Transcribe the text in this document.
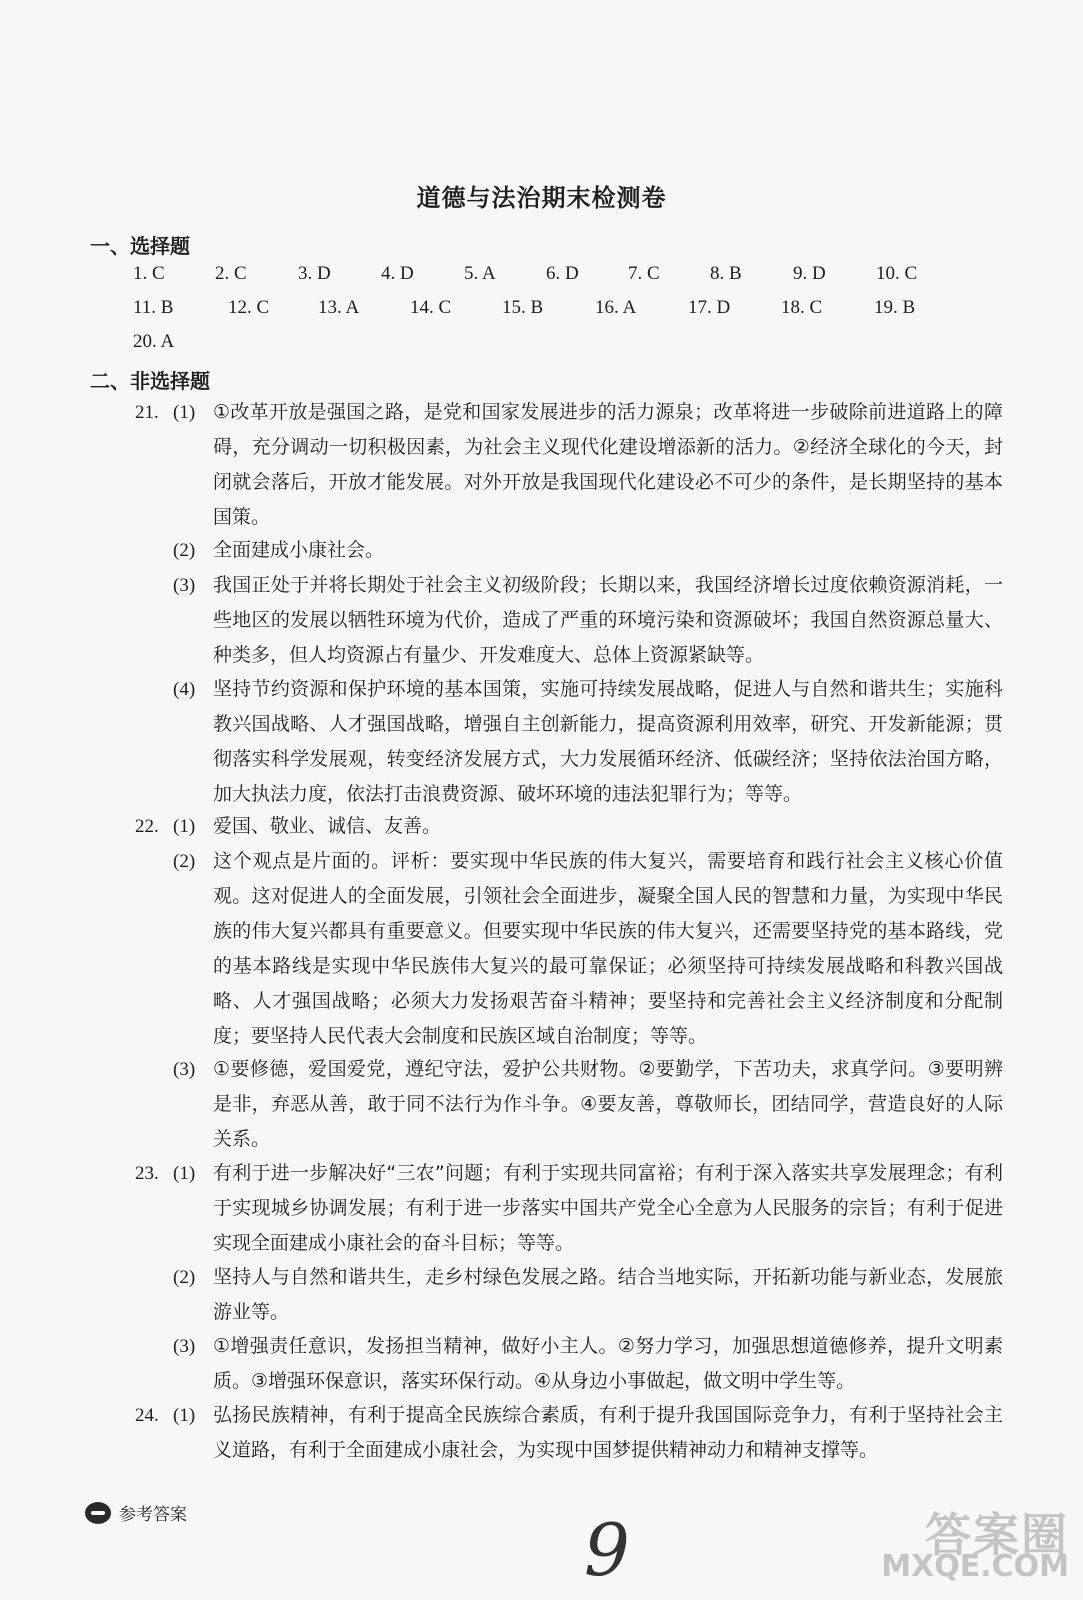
道德与法治期末检测卷
一、选择题
1. C	2. C	3. D	4. D	5. A	6. D	7. C	8. B	9. D	10. C
11. B	12. C	13. A	14. C	15. B	16. A	17. D	18. C	19. B
20. A
二、非选择题
21. (1) ①改革开放是强国之路，是党和国家发展进步的活力源泉；改革将进一步破除前进道路上的障碍，充分调动一切积极因素，为社会主义现代化建设增添新的活力。②经济全球化的今天，封闭就会落后，开放才能发展。对外开放是我国现代化建设必不可少的条件，是长期坚持的基本国策。
(2) 全面建成小康社会。
(3) 我国正处于并将长期处于社会主义初级阶段；长期以来，我国经济增长过度依赖资源消耗，一些地区的发展以牺牲环境为代价，造成了严重的环境污染和资源破坏；我国自然资源总量大、种类多，但人均资源占有量少、开发难度大、总体上资源紧缺等。
(4) 坚持节约资源和保护环境的基本国策，实施可持续发展战略，促进人与自然和谐共生；实施科教兴国战略、人才强国战略，增强自主创新能力，提高资源利用效率，研究、开发新能源；贯彻落实科学发展观，转变经济发展方式，大力发展循环经济、低碳经济；坚持依法治国方略，加大执法力度，依法打击浪费资源、破坏环境的违法犯罪行为；等等。
22. (1) 爱国、敬业、诚信、友善。
(2) 这个观点是片面的。评析：要实现中华民族的伟大复兴，需要培育和践行社会主义核心价值观。这对促进人的全面发展，引领社会全面进步，凝聚全国人民的智慧和力量，为实现中华民族的伟大复兴都具有重要意义。但要实现中华民族的伟大复兴，还需要坚持党的基本路线，党的基本路线是实现中华民族伟大复兴的最可靠保证；必须坚持可持续发展战略和科教兴国战略、人才强国战略；必须大力发扬艰苦奋斗精神；要坚持和完善社会主义经济制度和分配制度；要坚持人民代表大会制度和民族区域自治制度；等等。
(3) ①要修德，爱国爱党，遵纪守法，爱护公共财物。②要勤学，下苦功夫，求真学问。③要明辨是非，弃恶从善，敢于同不法行为作斗争。④要友善，尊敬师长，团结同学，营造良好的人际关系。
23. (1) 有利于进一步解决好“三农”问题；有利于实现共同富裕；有利于深入落实共享发展理念；有利于实现城乡协调发展；有利于进一步落实中国共产党全心全意为人民服务的宗旨；有利于促进实现全面建成小康社会的奋斗目标；等等。
(2) 坚持人与自然和谐共生，走乡村绿色发展之路。结合当地实际，开拓新功能与新业态，发展旅游业等。
(3) ①增强责任意识，发扬担当精神，做好小主人。②努力学习，加强思想道德修养，提升文明素质。③增强环保意识，落实环保行动。④从身边小事做起，做文明中学生等。
24. (1) 弘扬民族精神，有利于提高全民族综合素质，有利于提升我国国际竞争力，有利于坚持社会主义道路，有利于全面建成小康社会，为实现中国梦提供精神动力和精神支撑等。
参考答案	9	答案圈
MXQE.COM
